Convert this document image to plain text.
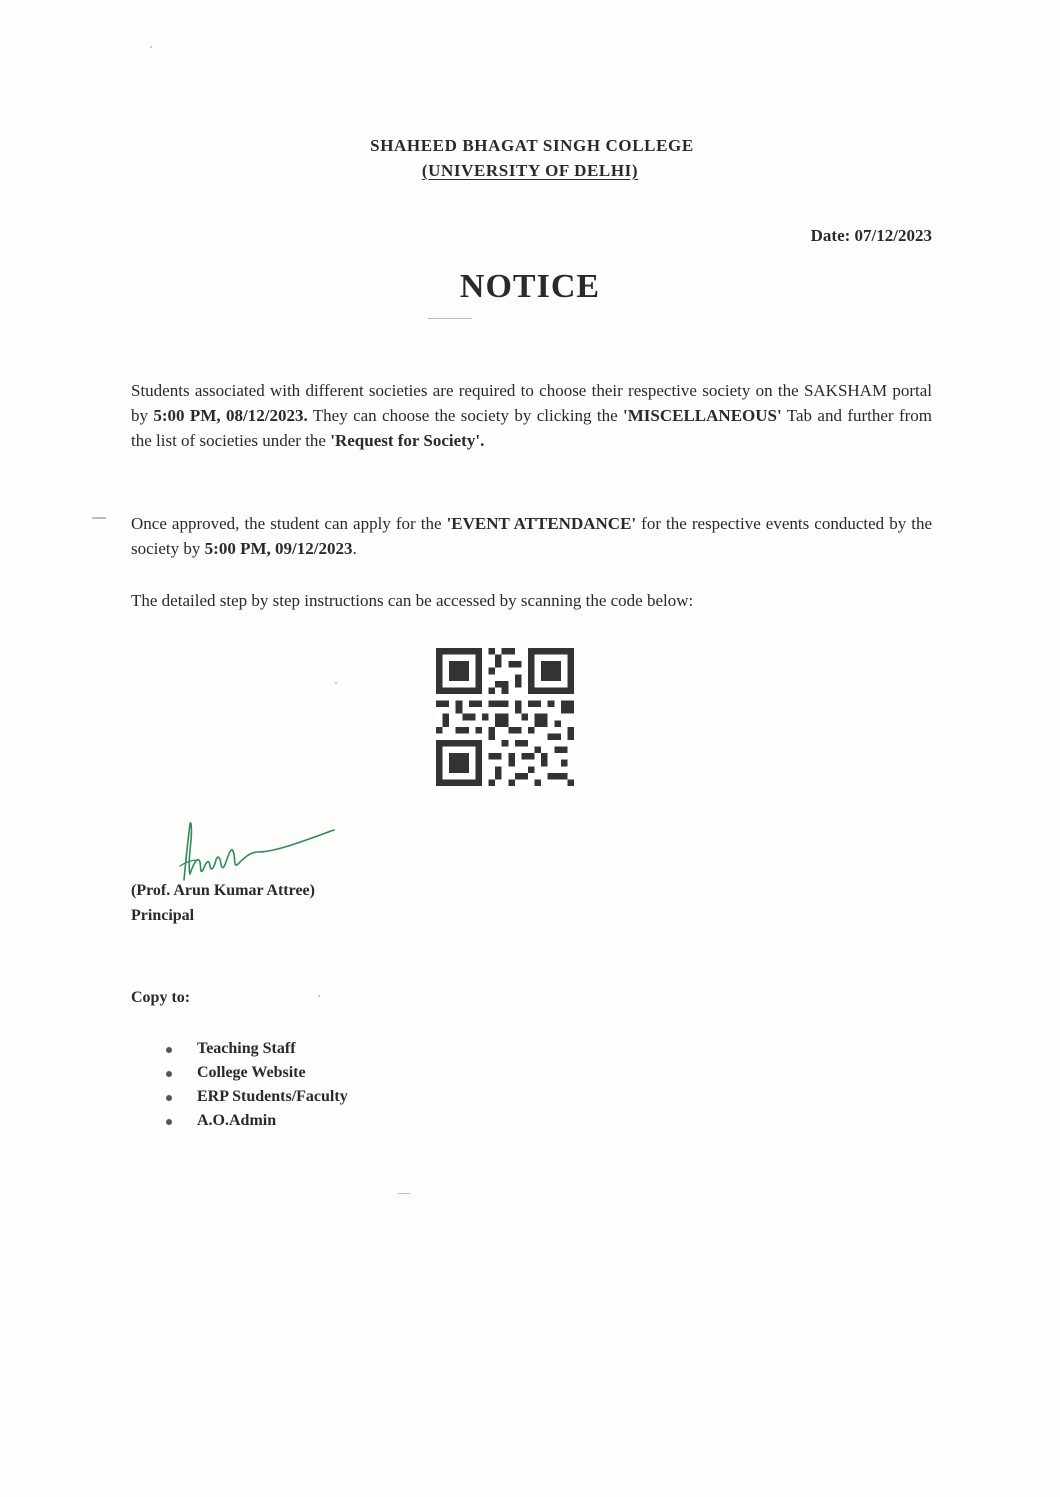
SHAHEED BHAGAT SINGH COLLEGE
(UNIVERSITY OF DELHI)
Date: 07/12/2023
NOTICE
Students associated with different societies are required to choose their respective society on the SAKSHAM portal by 5:00 PM, 08/12/2023. They can choose the society by clicking the 'MISCELLANEOUS' Tab and further from the list of societies under the 'Request for Society'.
Once approved, the student can apply for the 'EVENT ATTENDANCE' for the respective events conducted by the society by 5:00 PM, 09/12/2023.
The detailed step by step instructions can be accessed by scanning the code below:
(Prof. Arun Kumar Attree)
Principal
Copy to:
Teaching Staff
College Website
ERP Students/Faculty
A.O.Admin
